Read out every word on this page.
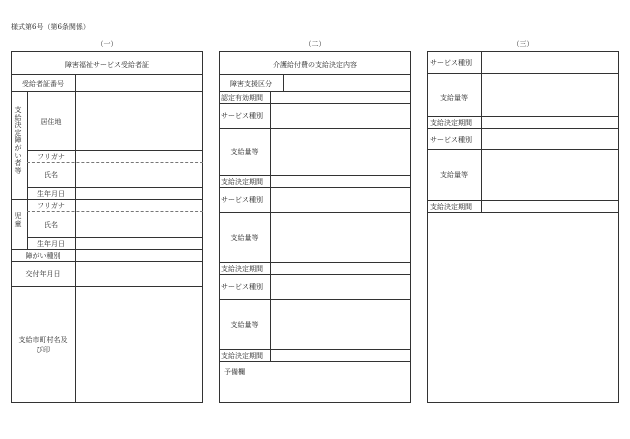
様式第6号（第6条関係）
（一）
障害福祉サービス受給者証
受給者証番号
支給決定障がい者等
居住地
フリガナ
氏名
生年月日
児童
フリガナ
氏名
生年月日
障がい種別
交付年月日
支給市町村名及び印
（二）
介護給付費の支給決定内容
障害支援区分
認定有効期間
サービス種別
支給量等
支給決定期間
サービス種別
支給量等
支給決定期間
サービス種別
支給量等
支給決定期間
予備欄
（三）
サービス種別
支給量等
支給決定期間
サービス種別
支給量等
支給決定期間
